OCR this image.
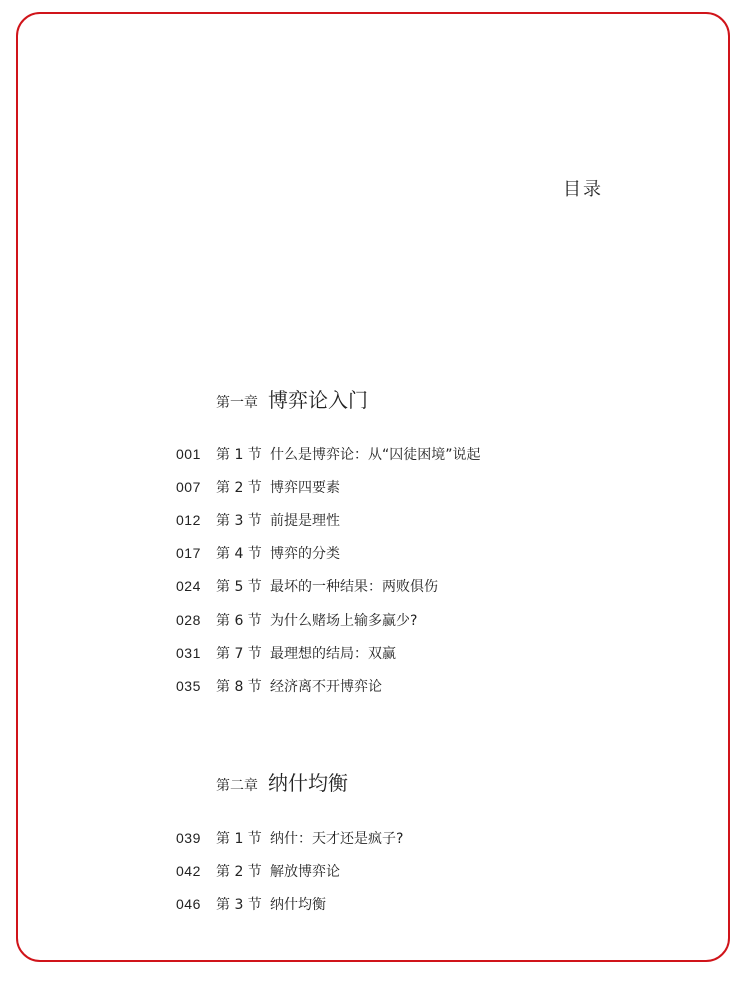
目录
第一章 博弈论入门
001	第 1 节 什么是博弈论：从“囚徒困境”说起
007	第 2 节 博弈四要素
012	第 3 节 前提是理性
017	第 4 节 博弈的分类
024	第 5 节 最坏的一种结果：两败俱伤
028	第 6 节 为什么赌场上输多赢少?
031	第 7 节 最理想的结局：双赢
035	第 8 节 经济离不开博弈论
第二章 纳什均衡
039	第 1 节 纳什：天才还是疯子?
042	第 2 节 解放博弈论
046	第 3 节 纳什均衡
